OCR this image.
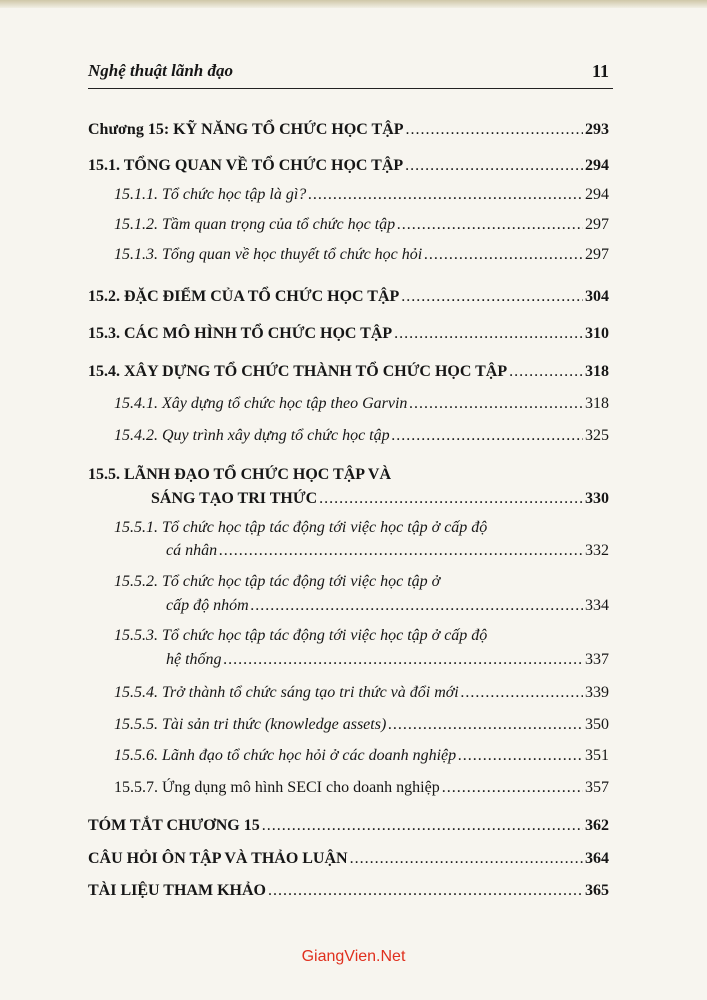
Nghệ thuật lãnh đạo	11
Chương 15: KỸ NĂNG TỔ CHỨC HỌC TẬP .....	293
15.1. TỔNG QUAN VỀ TỔ CHỨC HỌC TẬP .....	294
15.1.1. Tổ chức học tập là gì? .....	294
15.1.2. Tầm quan trọng của tổ chức học tập .....	297
15.1.3. Tổng quan về học thuyết tổ chức học hỏi .....	297
15.2. ĐẶC ĐIỂM CỦA TỔ CHỨC HỌC TẬP .....	304
15.3. CÁC MÔ HÌNH TỔ CHỨC HỌC TẬP .....	310
15.4. XÂY DỰNG TỔ CHỨC THÀNH TỔ CHỨC HỌC TẬP .....	318
15.4.1. Xây dựng tổ chức học tập theo Garvin .....	318
15.4.2. Quy trình xây dựng tổ chức học tập .....	325
15.5. LÃNH ĐẠO TỔ CHỨC HỌC TẬP VÀ
SÁNG TẠO TRI THỨC .....	330
15.5.1. Tổ chức học tập tác động tới việc học tập ở cấp độ
cá nhân .....	332
15.5.2. Tổ chức học tập tác động tới việc học tập ở
cấp độ nhóm .....	334
15.5.3. Tổ chức học tập tác động tới việc học tập ở cấp độ
hệ thống .....	337
15.5.4. Trở thành tổ chức sáng tạo tri thức và đổi mới .....	339
15.5.5. Tài sản tri thức (knowledge assets) .....	350
15.5.6. Lãnh đạo tổ chức học hỏi ở các doanh nghiệp .....	351
15.5.7. Ứng dụng mô hình SECI cho doanh nghiệp .....	357
TÓM TẮT CHƯƠNG 15 .....	362
CÂU HỎI ÔN TẬP VÀ THẢO LUẬN .....	364
TÀI LIỆU THAM KHẢO .....	365
GiangVien.Net
